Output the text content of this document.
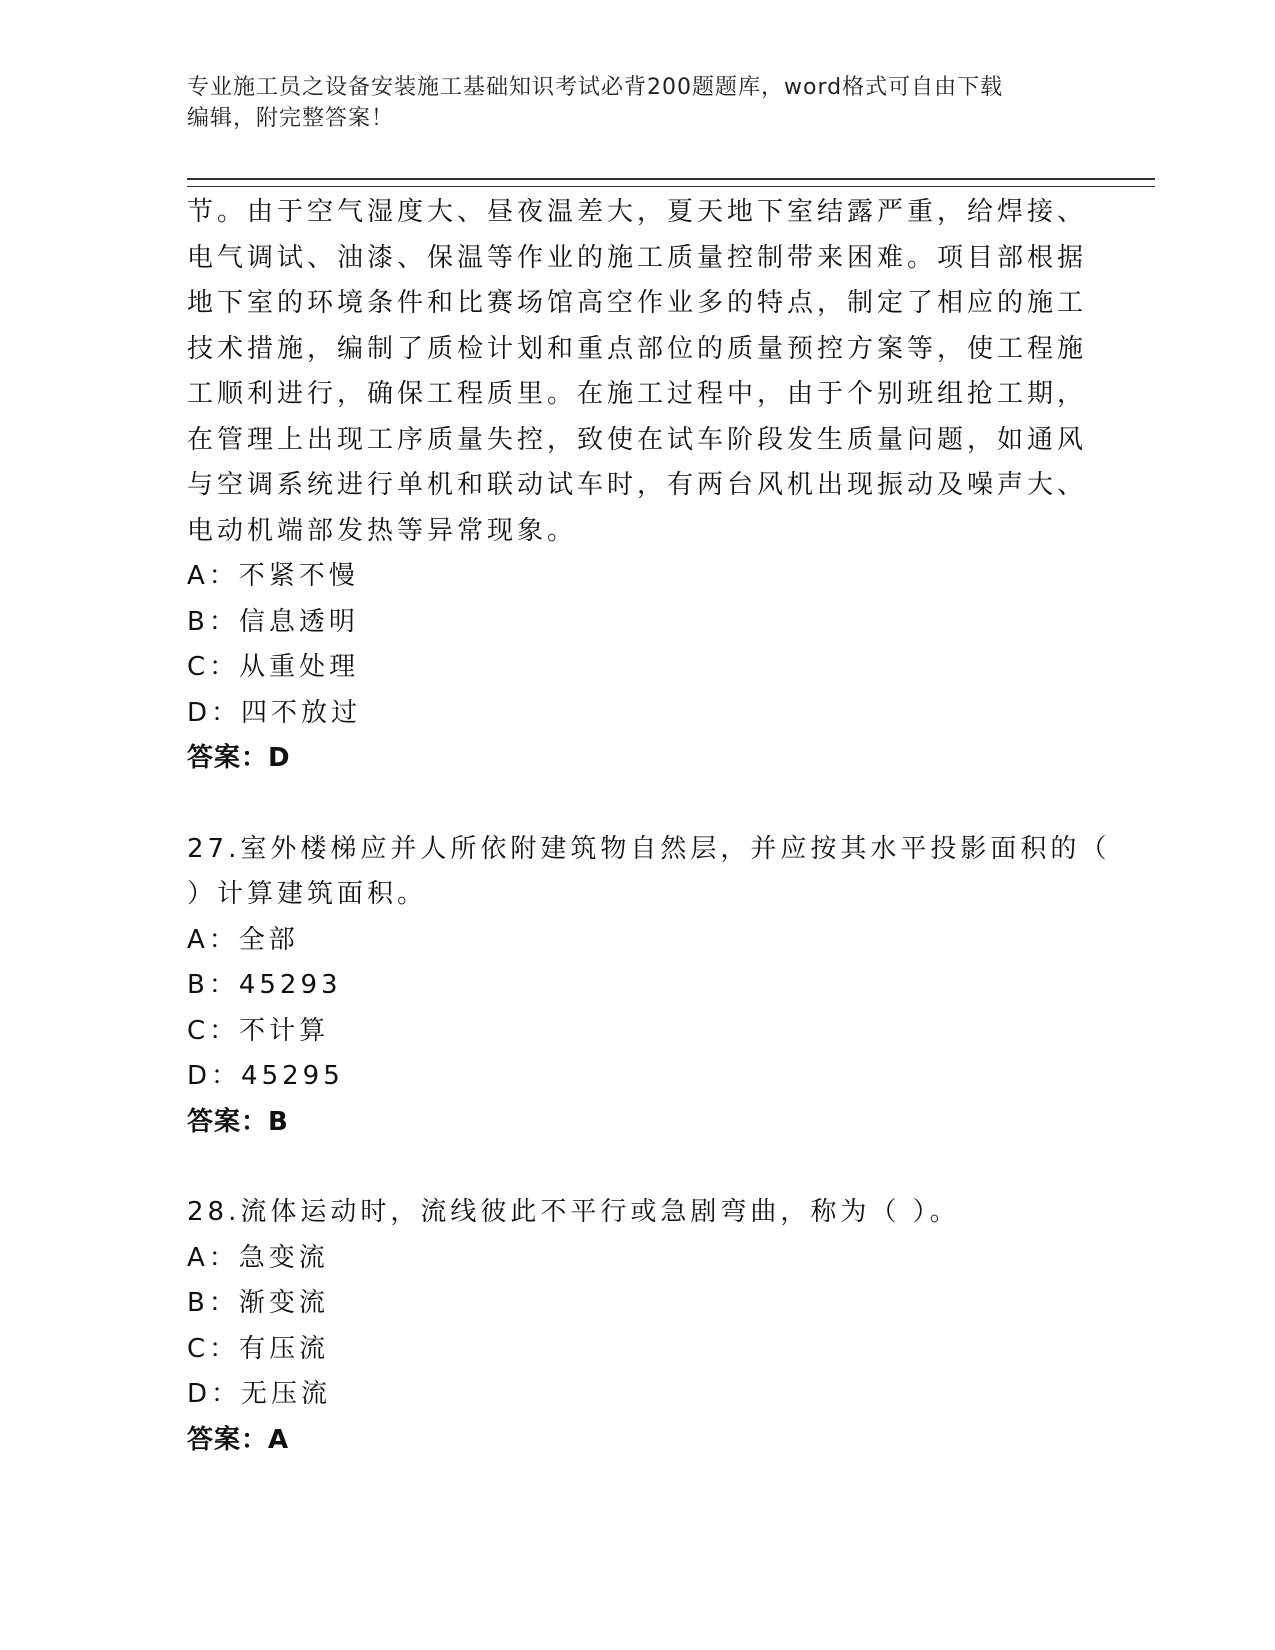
专业施工员之设备安装施工基础知识考试必背200题题库，word格式可自由下载
编辑，附完整答案！
节。由于空气湿度大、昼夜温差大，夏天地下室结露严重，给焊接、
电气调试、油漆、保温等作业的施工质量控制带来困难。项目部根据
地下室的环境条件和比赛场馆高空作业多的特点，制定了相应的施工
技术措施，编制了质检计划和重点部位的质量预控方案等，使工程施
工顺利进行，确保工程质里。在施工过程中，由于个别班组抢工期，
在管理上出现工序质量失控，致使在试车阶段发生质量问题，如通风
与空调系统进行单机和联动试车时，有两台风机出现振动及噪声大、
电动机端部发热等异常现象。
A：不紧不慢
B：信息透明
C：从重处理
D：四不放过
答案：D
27.室外楼梯应并人所依附建筑物自然层，并应按其水平投影面积的（
）计算建筑面积。
A：全部
B：45293
C：不计算
D：45295
答案：B
28.流体运动时，流线彼此不平行或急剧弯曲，称为（ ）。
A：急变流
B：渐变流
C：有压流
D：无压流
答案：A
